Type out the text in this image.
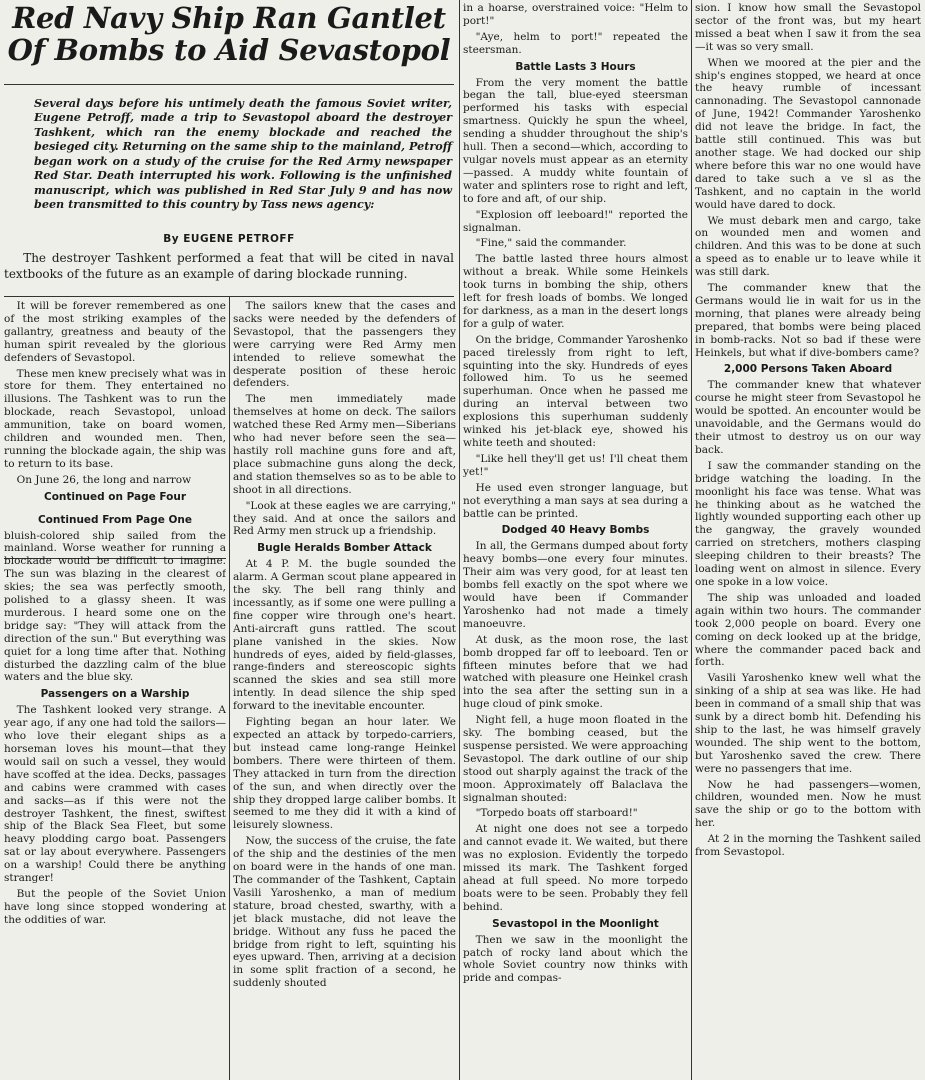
Red Navy Ship Ran Gantlet Of Bombs to Aid Sevastopol

Several days before his untimely death the famous Soviet writer, Eugene Petroff, made a trip to Sevastopol aboard the destroyer Tashkent, which ran the enemy blockade and reached the besieged city. Returning on the same ship to the mainland, Petroff began work on a study of the cruise for the Red Army newspaper Red Star. Death interrupted his work. Following is the unfinished manuscript, which was published in Red Star July 9 and has now been transmitted to this country by Tass news agency:

By EUGENE PETROFF

The destroyer Tashkent performed a feat that will be cited in naval textbooks of the future as an example of daring blockade running.

It will be forever remembered as one of the most striking examples of the gallantry, greatness and beauty of the human spirit revealed by the glorious defenders of Sevastopol.

These men knew precisely what was in store for them. They entertained no illusions. The Tashkent was to run the blockade, reach Sevastopol, unload ammunition, take on board women, children and wounded men. Then, running the blockade again, the ship was to return to its base.

On June 26, the long and narrow

Continued on Page Four
Continued From Page One

bluish-colored ship sailed from the mainland. Worse weather for running a blockade would be difficult to imagine. The sun was blazing in the clearest of skies; the sea was perfectly smooth, polished to a glassy sheen. It was murderous. I heard some one on the bridge say: "They will attack from the direction of the sun." But everything was quiet for a long time after that. Nothing disturbed the dazzling calm of the blue waters and the blue sky.

Passengers on a Warship

The Tashkent looked very strange. A year ago, if any one had told the sailors—who love their elegant ships as a horseman loves his mount—that they would sail on such a vessel, they would have scoffed at the idea. Decks, passages and cabins were crammed with cases and sacks—as if this were not the destroyer Tashkent, the finest, swiftest ship of the Black Sea Fleet, but some heavy plodding cargo boat. Passengers sat or lay about everywhere. Passengers on a warship! Could there be anything stranger!

But the people of the Soviet Union have long since stopped wondering at the oddities of war.

The sailors knew that the cases and sacks were needed by the defenders of Sevastopol, that the passengers they were carrying were Red Army men intended to relieve somewhat the desperate position of these heroic defenders.

The men immediately made themselves at home on deck. The sailors watched these Red Army men—Siberians who had never before seen the sea—hastily roll machine guns fore and aft, place submachine guns along the deck, and station themselves so as to be able to shoot in all directions.

"Look at these eagles we are carrying," they said. And at once the sailors and Red Army men struck up a friendship.

Bugle Heralds Bomber Attack

At 4 P. M. the bugle sounded the alarm. A German scout plane appeared in the sky. The bell rang thinly and incessantly, as if some one were pulling a fine copper wire through one's heart. Anti-aircraft guns rattled. The scout plane vanished in the skies. Now hundreds of eyes, aided by field-glasses, range-finders and stereoscopic sights scanned the skies and sea still more intently. In dead silence the ship sped forward to the inevitable encounter.

Fighting began an hour later. We expected an attack by torpedo-carriers, but instead came long-range Heinkel bombers. There were thirteen of them. They attacked in turn from the direction of the sun, and when directly over the ship they dropped large caliber bombs. It seemed to me they did it with a kind of leisurely slowness.

Now, the success of the cruise, the fate of the ship and the destinies of the men on board were in the hands of one man. The commander of the Tashkent, Captain Vasili Yaroshenko, a man of medium stature, broad chested, swarthy, with a jet black mustache, did not leave the bridge. Without any fuss he paced the bridge from right to left, squinting his eyes upward. Then, arriving at a decision in some split fraction of a second, he suddenly shouted

in a hoarse, overstrained voice: "Helm to port!"

"Aye, helm to port!" repeated the steersman.

Battle Lasts 3 Hours

From the very moment the battle began the tall, blue-eyed steersman performed his tasks with especial smartness. Quickly he spun the wheel, sending a shudder throughout the ship's hull. Then a second—which, according to vulgar novels must appear as an eternity—passed. A muddy white fountain of water and splinters rose to right and left, to fore and aft, of our ship.

"Explosion off leeboard!" reported the signalman.

"Fine," said the commander.

The battle lasted three hours almost without a break. While some Heinkels took turns in bombing the ship, others left for fresh loads of bombs. We longed for darkness, as a man in the desert longs for a gulp of water.

On the bridge, Commander Yaroshenko paced tirelessly from right to left, squinting into the sky. Hundreds of eyes followed him. To us he seemed superhuman. Once when he passed me during an interval between two explosions this superhuman suddenly winked his jet-black eye, showed his white teeth and shouted:

"Like hell they'll get us! I'll cheat them yet!"

He used even stronger language, but not everything a man says at sea during a battle can be printed.

Dodged 40 Heavy Bombs

In all, the Germans dumped about forty heavy bombs—one every four minutes. Their aim was very good, for at least ten bombs fell exactly on the spot where we would have been if Commander Yaroshenko had not made a timely manoeuvre.

At dusk, as the moon rose, the last bomb dropped far off to leeboard. Ten or fifteen minutes before that we had watched with pleasure one Heinkel crash into the sea after the setting sun in a huge cloud of pink smoke.

Night fell, a huge moon floated in the sky. The bombing ceased, but the suspense persisted. We were approaching Sevastopol. The dark outline of our ship stood out sharply against the track of the moon. Approximately off Balaclava the signalman shouted:

"Torpedo boats off starboard!"

At night one does not see a torpedo and cannot evade it. We waited, but there was no explosion. Evidently the torpedo missed its mark. The Tashkent forged ahead at full speed. No more torpedo boats were to be seen. Probably they fell behind.

Sevastopol in the Moonlight

Then we saw in the moonlight the patch of rocky land about which the whole Soviet country now thinks with pride and compas-

sion. I know how small the Sevastopol sector of the front was, but my heart missed a beat when I saw it from the sea—it was so very small.

When we moored at the pier and the ship's engines stopped, we heard at once the heavy rumble of incessant cannonading. The Sevastopol cannonade of June, 1942! Commander Yaroshenko did not leave the bridge. In fact, the battle still continued. This was but another stage. We had docked our ship where before this war no one would have dared to take such a ve sl as the Tashkent, and no captain in the world would have dared to dock.

We must debark men and cargo, take on wounded men and women and children. And this was to be done at such a speed as to enable ur to leave while it was still dark.

The commander knew that the Germans would lie in wait for us in the morning, that planes were already being prepared, that bombs were being placed in bomb-racks. Not so bad if these were Heinkels, but what if dive-bombers came?

2,000 Persons Taken Aboard

The commander knew that whatever course he might steer from Sevastopol he would be spotted. An encounter would be unavoidable, and the Germans would do their utmost to destroy us on our way back.

I saw the commander standing on the bridge watching the loading. In the moonlight his face was tense. What was he thinking about as he watched the lightly wounded supporting each other up the gangway, the gravely wounded carried on stretchers, mothers clasping sleeping children to their breasts? The loading went on almost in silence. Every one spoke in a low voice.

The ship was unloaded and loaded again within two hours. The commander took 2,000 people on board. Every one coming on deck looked up at the bridge, where the commander paced back and forth.

Vasili Yaroshenko knew well what the sinking of a ship at sea was like. He had been in command of a small ship that was sunk by a direct bomb hit. Defending his ship to the last, he was himself gravely wounded. The ship went to the bottom, but Yaroshenko saved the crew. There were no passengers that ime.

Now he had passengers—women, children, wounded men. Now he must save the ship or go to the bottom with her.

At 2 in the morning the Tashkent sailed from Sevastopol.
